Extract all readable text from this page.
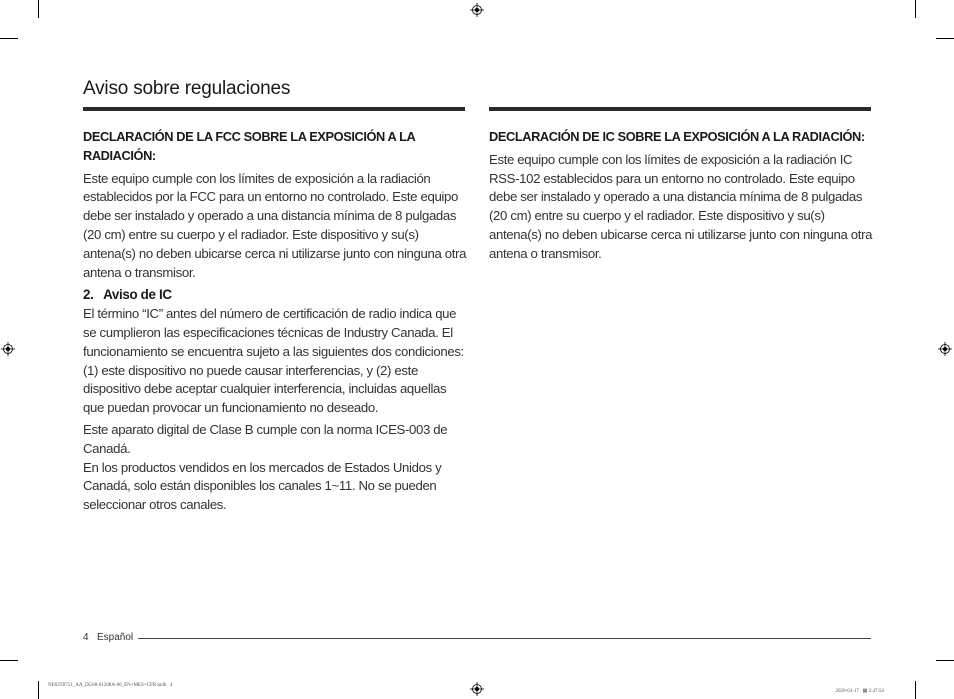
Aviso sobre regulaciones

DECLARACIÓN DE LA FCC SOBRE LA EXPOSICIÓN A LA RADIACIÓN:

Este equipo cumple con los límites de exposición a la radiación establecidos por la FCC para un entorno no controlado. Este equipo debe ser instalado y operado a una distancia mínima de 8 pulgadas (20 cm) entre su cuerpo y el radiador. Este dispositivo y su(s) antena(s) no deben ubicarse cerca ni utilizarse junto con ninguna otra antena o transmisor.

2.   Aviso de IC

El término “IC” antes del número de certificación de radio indica que se cumplieron las especificaciones técnicas de Industry Canada. El funcionamiento se encuentra sujeto a las siguientes dos condiciones: (1) este dispositivo no puede causar interferencias, y (2) este dispositivo debe aceptar cualquier interferencia, incluidas aquellas que puedan provocar un funcionamiento no deseado.

Este aparato digital de Clase B cumple con la norma ICES-003 de Canadá.

En los productos vendidos en los mercados de Estados Unidos y Canadá, solo están disponibles los canales 1~11. No se pueden seleccionar otros canales.

DECLARACIÓN DE IC SOBRE LA EXPOSICIÓN A LA RADIACIÓN:

Este equipo cumple con los límites de exposición a la radiación IC RSS-102 establecidos para un entorno no controlado. Este equipo debe ser instalado y operado a una distancia mínima de 8 pulgadas (20 cm) entre su cuerpo y el radiador. Este dispositivo y su(s) antena(s) no deben ubicarse cerca ni utilizarse junto con ninguna otra antena o transmisor.

4 Español
NE63T8751_AA_DG68-01208A-00_EN+MES+CFR.indb   4

2020-03-17   ▦ 2:47:54
